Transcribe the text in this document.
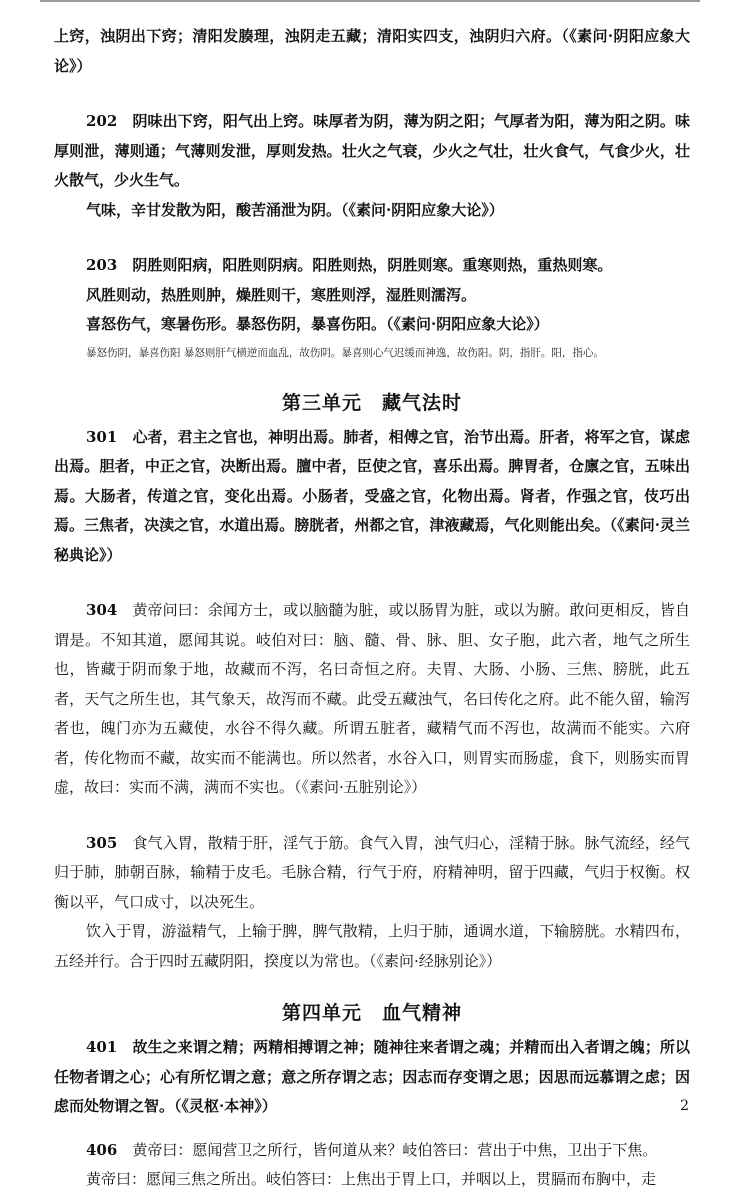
上窍，浊阴出下窍；清阳发腠理，浊阴走五藏；清阳实四支，浊阴归六府。（《素问·阴阳应象大论》）

202　 阴味出下窍，阳气出上窍。味厚者为阴，薄为阴之阳；气厚者为阳，薄为阳之阴。味厚则泄，薄则通；气薄则发泄，厚则发热。壮火之气衰，少火之气壮，壮火食气，气食少火，壮火散气，少火生气。

气味，辛甘发散为阳，酸苦涌泄为阴。（《素问·阴阳应象大论》）

203　 阴胜则阳病，阳胜则阴病。阳胜则热，阴胜则寒。重寒则热，重热则寒。

风胜则动，热胜则肿，燥胜则干，寒胜则浮，湿胜则濡泻。

喜怒伤气，寒暑伤形。暴怒伤阴，暴喜伤阳。（《素问·阴阳应象大论》）

暴怒伤阴，暴喜伤阳 暴怒则肝气横逆而血乱，故伤阴。暴喜则心气迟缓而神逸，故伤阳。阴，指肝。阳，指心。

第三单元　藏气法时

301　 心者，君主之官也，神明出焉。肺者，相傅之官，治节出焉。肝者，将军之官，谋虑出焉。胆者，中正之官，决断出焉。膻中者，臣使之官，喜乐出焉。脾胃者，仓廪之官，五味出焉。大肠者，传道之官，变化出焉。小肠者，受盛之官，化物出焉。肾者，作强之官，伎巧出焉。三焦者，决渎之官，水道出焉。膀胱者，州都之官，津液藏焉，气化则能出矣。（《素问·灵兰秘典论》）

304　 黄帝问曰：余闻方士，或以脑髓为脏，或以肠胃为脏，或以为腑。敢问更相反，皆自谓是。不知其道，愿闻其说。岐伯对曰：脑、髓、骨、脉、胆、女子胞，此六者，地气之所生也，皆藏于阴而象于地，故藏而不泻，名曰奇恒之府。夫胃、大肠、小肠、三焦、膀胱，此五者，天气之所生也，其气象天，故泻而不藏。此受五藏浊气，名曰传化之府。此不能久留，输泻者也，魄门亦为五藏使，水谷不得久藏。所谓五脏者，藏精气而不泻也，故满而不能实。六府者，传化物而不藏，故实而不能满也。所以然者，水谷入口，则胃实而肠虚，食下，则肠实而胃虚，故曰：实而不满，满而不实也。（《素问·五脏别论》）

305　 食气入胃，散精于肝，淫气于筋。食气入胃，浊气归心，淫精于脉。脉气流经，经气归于肺，肺朝百脉，输精于皮毛。毛脉合精，行气于府，府精神明，留于四藏，气归于权衡。权衡以平，气口成寸，以决死生。

饮入于胃，游溢精气，上输于脾，脾气散精，上归于肺，通调水道，下输膀胱。水精四布，五经并行。合于四时五藏阴阳，揆度以为常也。（《素问·经脉别论》）

第四单元　血气精神

401　 故生之来谓之精；两精相搏谓之神；随神往来者谓之魂；并精而出入者谓之魄；所以任物者谓之心；心有所忆谓之意；意之所存谓之志；因志而存变谓之思；因思而远慕谓之虑；因虑而处物谓之智。（《灵枢·本神》）

406　 黄帝曰：愿闻营卫之所行，皆何道从来？岐伯答曰：营出于中焦，卫出于下焦。

黄帝曰：愿闻三焦之所出。岐伯答曰：上焦出于胃上口，并咽以上，贯膈而布胸中，走

2
